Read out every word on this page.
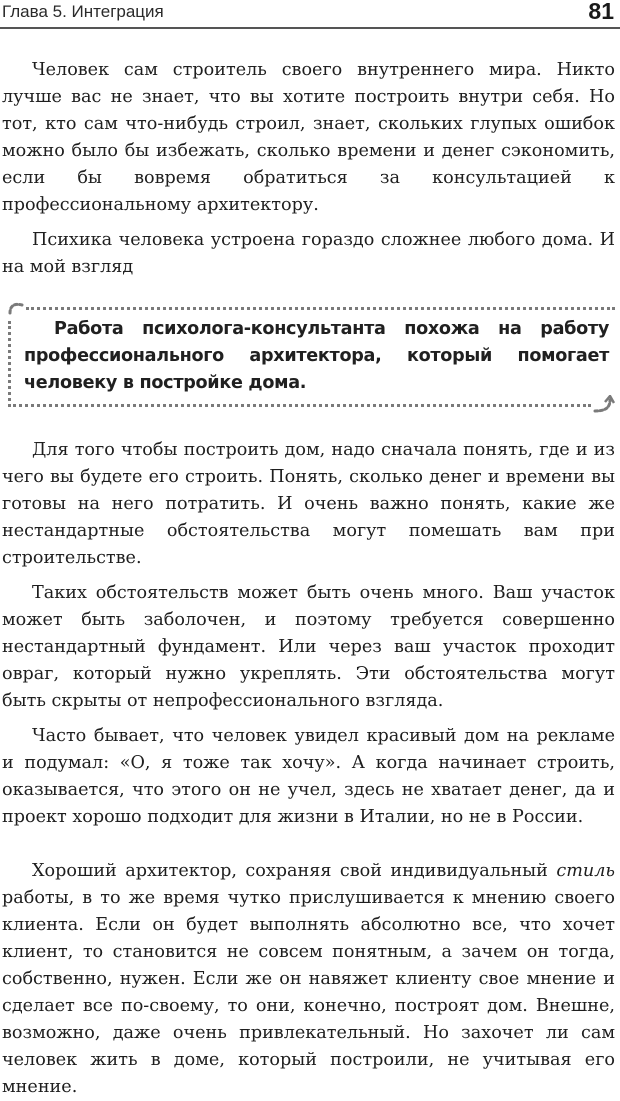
Глава 5. Интеграция	81

Человек сам строитель своего внутреннего мира. Никто лучше вас не знает, что вы хотите построить внутри себя. Но тот, кто сам что-нибудь строил, знает, скольких глупых ошибок можно было бы избежать, сколько времени и денег сэкономить, если бы вовремя обратиться за консультацией к профессиональному архитектору.

Психика человека устроена гораздо сложнее любого дома. И на мой взгляд

Работа психолога-консультанта похожа на работу профессионального архитектора, который помогает человеку в постройке дома.

Для того чтобы построить дом, надо сначала понять, где и из чего вы будете его строить. Понять, сколько денег и времени вы готовы на него потратить. И очень важно понять, какие же нестандартные обстоятельства могут помешать вам при строительстве.

Таких обстоятельств может быть очень много. Ваш участок может быть заболочен, и поэтому требуется совершенно нестандартный фундамент. Или через ваш участок проходит овраг, который нужно укреплять. Эти обстоятельства могут быть скрыты от непрофессионального взгляда.

Часто бывает, что человек увидел красивый дом на рекламе и подумал: «О, я тоже так хочу». А когда начинает строить, оказывается, что этого он не учел, здесь не хватает денег, да и проект хорошо подходит для жизни в Италии, но не в России.

Хороший архитектор, сохраняя свой индивидуальный стиль работы, в то же время чутко прислушивается к мнению своего клиента. Если он будет выполнять абсолютно все, что хочет клиент, то становится не совсем понятным, а зачем он тогда, собственно, нужен. Если же он навяжет клиенту свое мнение и сделает все по-своему, то они, конечно, построят дом. Внешне, возможно, даже очень привлекательный. Но захочет ли сам человек жить в доме, который построили, не учитывая его мнение.
